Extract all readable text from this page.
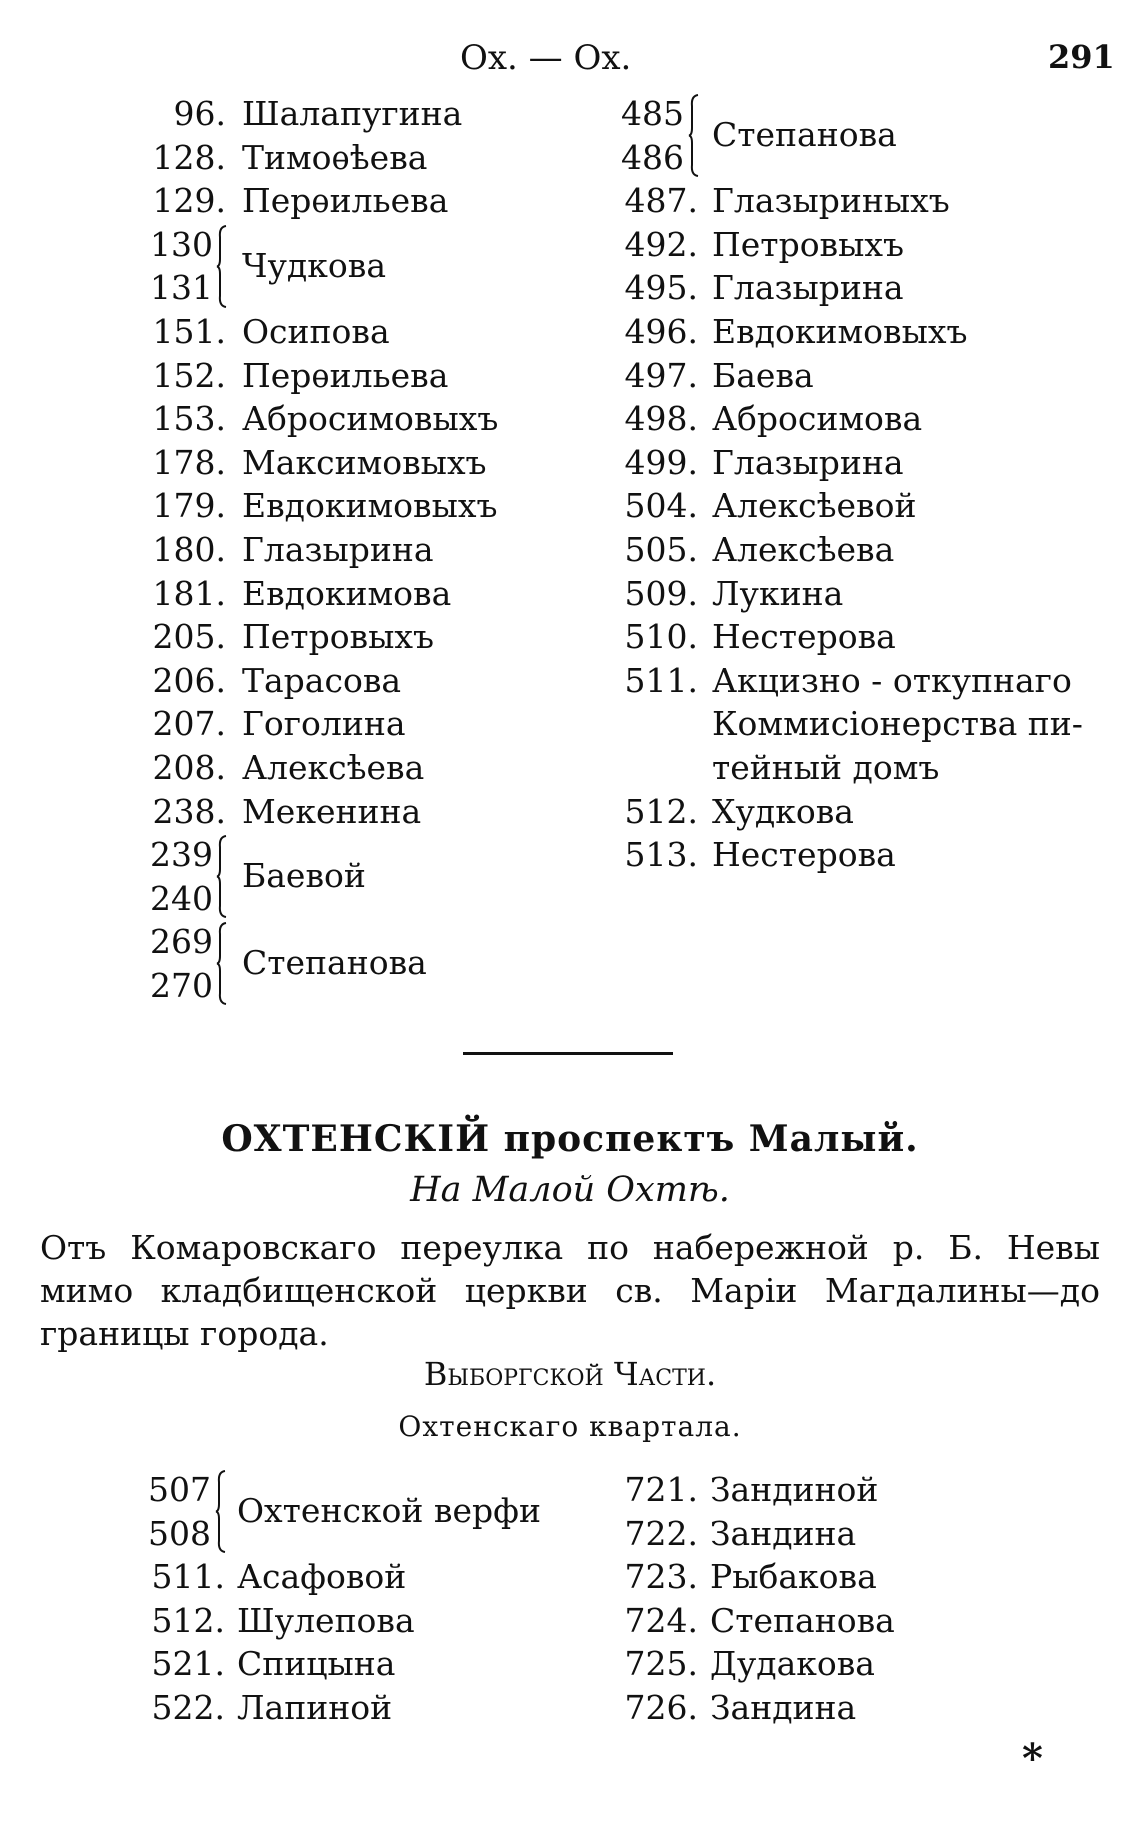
Ох. — Ох.	291
96. Шалапугина
128. Тимоѳѣева
129. Перѳильева
130
131
Чудкова
151. Осипова
152. Перѳильева
153. Абросимовыхъ
178. Максимовыхъ
179. Евдокимовыхъ
180. Глазырина
181. Евдокимова
205. Петровыхъ
206. Тарасова
207. Гоголина
208. Алексѣева
238. Мекенина
239
240
Баевой
269
270
Степанова
485
486
Степанова
487. Глазыриныхъ
492. Петровыхъ
495. Глазырина
496. Евдокимовыхъ
497. Баева
498. Абросимова
499. Глазырина
504. Алексѣевой
505. Алексѣева
509. Лукина
510. Нестерова
511. Акцизно - откупнаго
Коммисiонерства пи-
тейный домъ
512. Худкова
513. Нестерова
ОХТЕНСКІЙ проспектъ Малый.
На Малой Охтѣ.
Отъ Комаровскаго переулка по набережной р. Б. Невы мимо кладбищенской церкви св. Марiи Магдалины—до границы города.
Выборгской Части.
Охтенскаго квартала.
507
508
Охтенской верфи
511. Асафовой
512. Шулепова
521. Спицына
522. Лапиной
721. Зандиной
722. Зандина
723. Рыбакова
724. Степанова
725. Дудакова
726. Зандина
*
